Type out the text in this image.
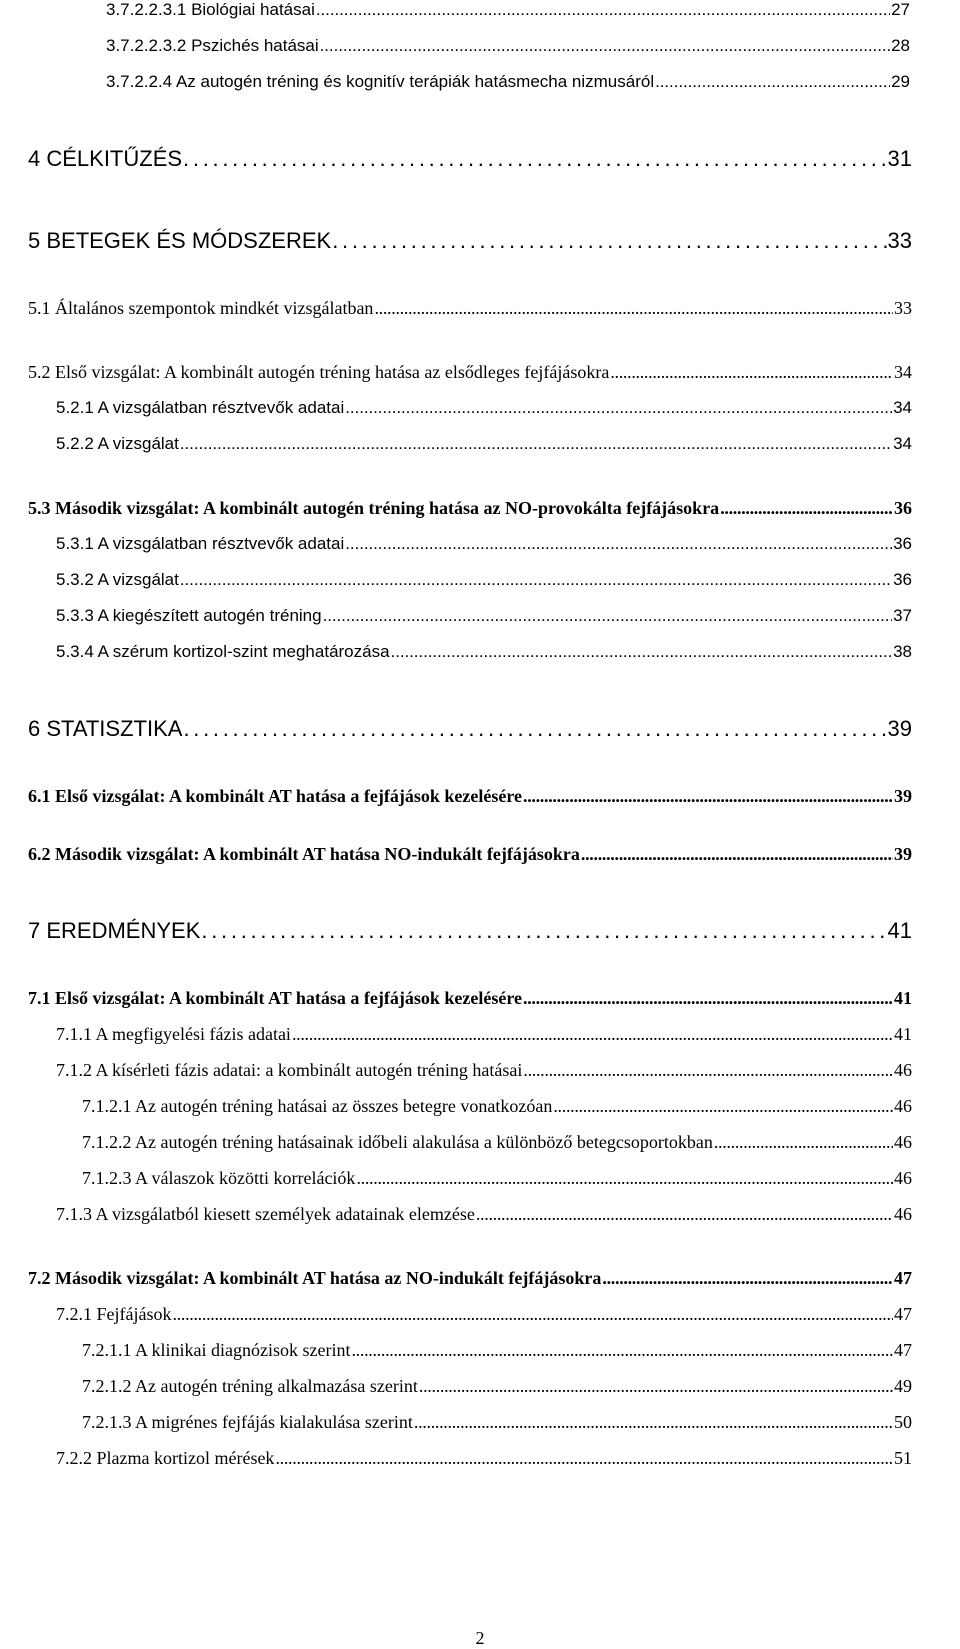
3.7.2.2.3.1 Biológiai hatásai . . .	27
3.7.2.2.3.2 Pszichés hatásai . . .	28
3.7.2.2.4 Az autogén tréning és kognitív terápiák hatásmecha nizmusáról . . .	29
4 CÉLKITŰZÉS . . .	31
5 BETEGEK ÉS MÓDSZEREK . . .	33
5.1 Általános szempontok mindkét vizsgálatban . . .	33
5.2 Első vizsgálat: A kombinált autogén tréning hatása az elsődleges fejfájásokra . . .	34
5.2.1 A vizsgálatban résztvevők adatai . . .	34
5.2.2 A vizsgálat . . .	34
5.3 Második vizsgálat: A kombinált autogén tréning hatása az NO-provokálta fejfájásokra . . .	36
5.3.1 A vizsgálatban résztvevők adatai . . .	36
5.3.2 A vizsgálat . . .	36
5.3.3 A kiegészített autogén tréning . . .	37
5.3.4 A szérum kortizol-szint meghatározása . . .	38
6 STATISZTIKA . . .	39
6.1 Első vizsgálat: A kombinált AT hatása a fejfájások kezelésére . . .	39
6.2 Második vizsgálat: A kombinált AT hatása NO-indukált fejfájásokra . . .	39
7 EREDMÉNYEK . . .	41
7.1 Első vizsgálat: A kombinált AT hatása a fejfájások kezelésére . . .	41
7.1.1 A megfigyelési fázis adatai . . .	41
7.1.2 A kísérleti fázis adatai: a kombinált autogén tréning hatásai . . .	46
7.1.2.1 Az autogén tréning hatásai az összes betegre vonatkozóan . . .	46
7.1.2.2 Az autogén tréning hatásainak időbeli alakulása a különböző betegcsoportokban . . .	46
7.1.2.3 A válaszok közötti korrelációk . . .	46
7.1.3 A vizsgálatból kiesett személyek adatainak elemzése . . .	46
7.2 Második vizsgálat: A kombinált AT hatása az NO-indukált fejfájásokra . . .	47
7.2.1 Fejfájások . . .	47
7.2.1.1 A klinikai diagnózisok szerint . . .	47
7.2.1.2 Az autogén tréning alkalmazása szerint . . .	49
7.2.1.3 A migrénes fejfájás kialakulása szerint . . .	50
7.2.2 Plazma kortizol mérések . . .	51
2
